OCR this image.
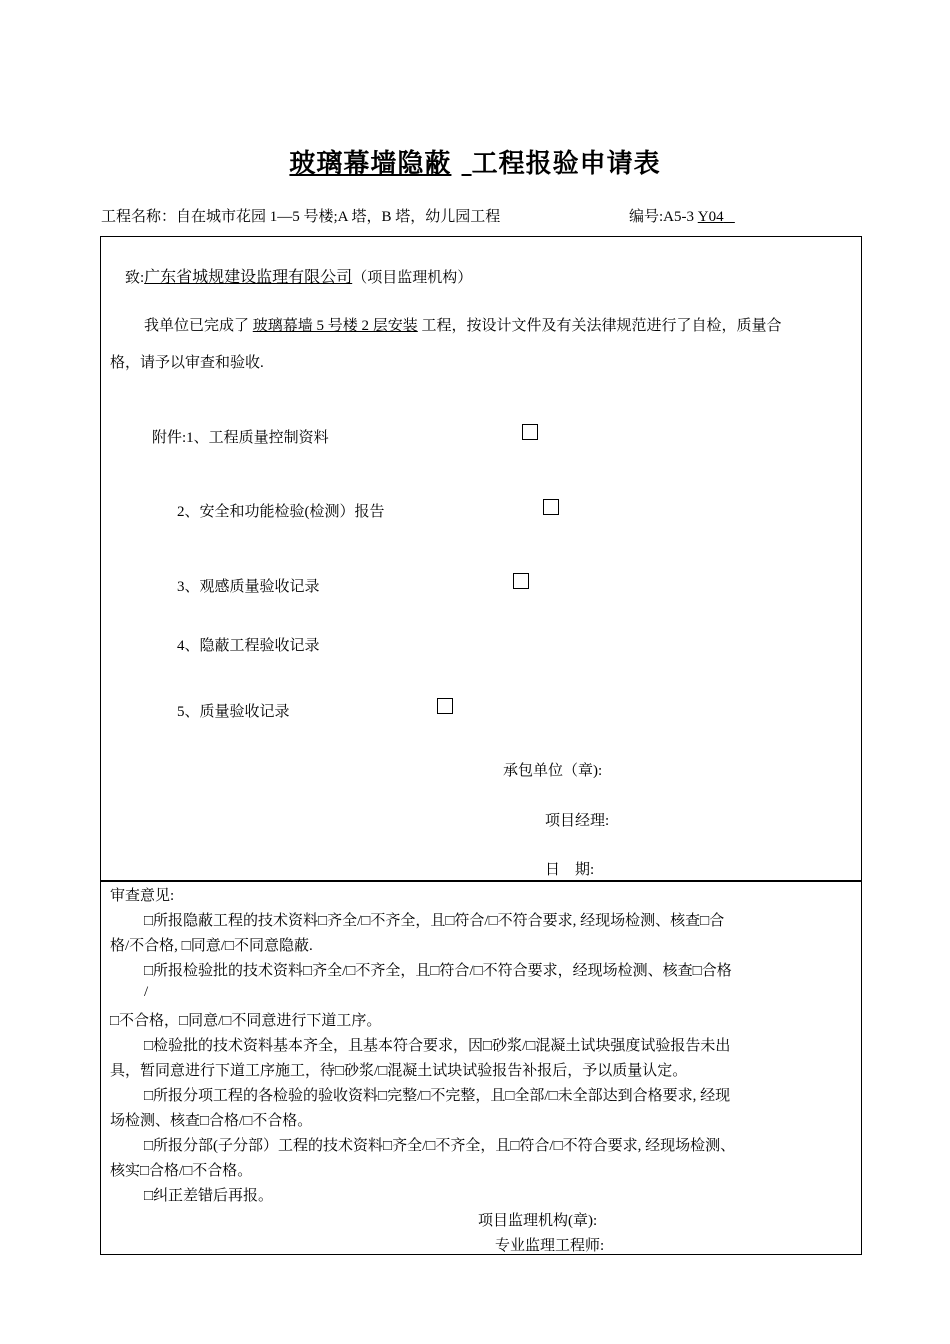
玻璃幕墙隐蔽 工程报验申请表
工程名称：自在城市花园 1—5 号楼;A 塔，B 塔，幼儿园工程	编号:A5-3 Y04
致:广东省城规建设监理有限公司（项目监理机构）
我单位已完成了 玻璃幕墙 5 号楼 2 层安装 工程，按设计文件及有关法律规范进行了自检，质量合
格，请予以审查和验收.
附件:1、工程质量控制资料
2、安全和功能检验(检测）报告
3、观感质量验收记录
4、隐蔽工程验收记录
5、质量验收记录
承包单位（章):
项目经理:
日　期:
审查意见:
□所报隐蔽工程的技术资料□齐全/□不齐全，且□符合/□不符合要求, 经现场检测、核查□合
格/不合格, □同意/□不同意隐蔽.
□所报检验批的技术资料□齐全/□不齐全，且□符合/□不符合要求，经现场检测、核查□合格
/
□不合格，□同意/□不同意进行下道工序。
□检验批的技术资料基本齐全，且基本符合要求，因□砂浆/□混凝土试块强度试验报告未出
具，暂同意进行下道工序施工，待□砂浆/□混凝土试块试验报告补报后，予以质量认定。
□所报分项工程的各检验的验收资料□完整/□不完整，且□全部/□未全部达到合格要求, 经现
场检测、核查□合格/□不合格。
□所报分部(子分部）工程的技术资料□齐全/□不齐全，且□符合/□不符合要求, 经现场检测、
核实□合格/□不合格。
□纠正差错后再报。
项目监理机构(章):
专业监理工程师:
